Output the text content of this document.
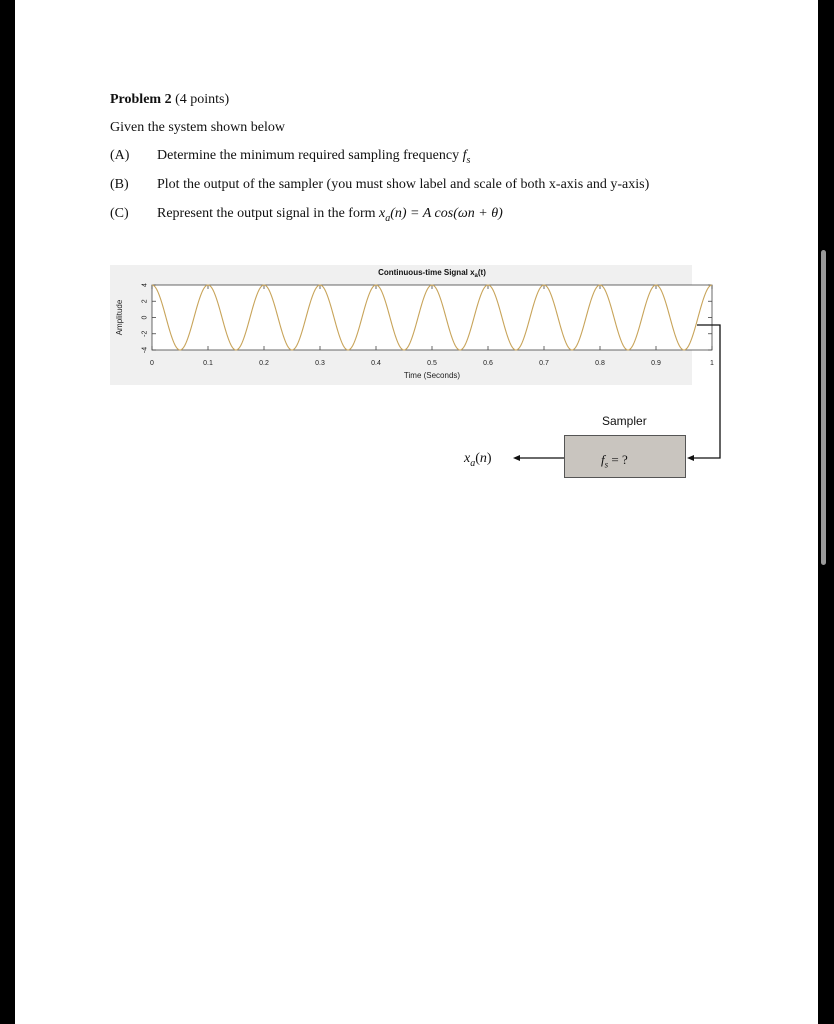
Problem 2 (4 points)
Given the system shown below
(A) Determine the minimum required sampling frequency $f_s$
(B) Plot the output of the sampler (you must show label and scale of both x-axis and y-axis)
(C) Represent the output signal in the form $x_a(n) = A$ cos(ωn + θ)
0	0.1	0.2	0.3	0.4	0.5	0.6	0.7	0.8	0.9	1
4
2
0
-2
-4
Continuous-time Signal $x_a(t)$
Time (Seconds)
Amplitude
Sampler
$f_s$ = ?
$x_a(n)$
